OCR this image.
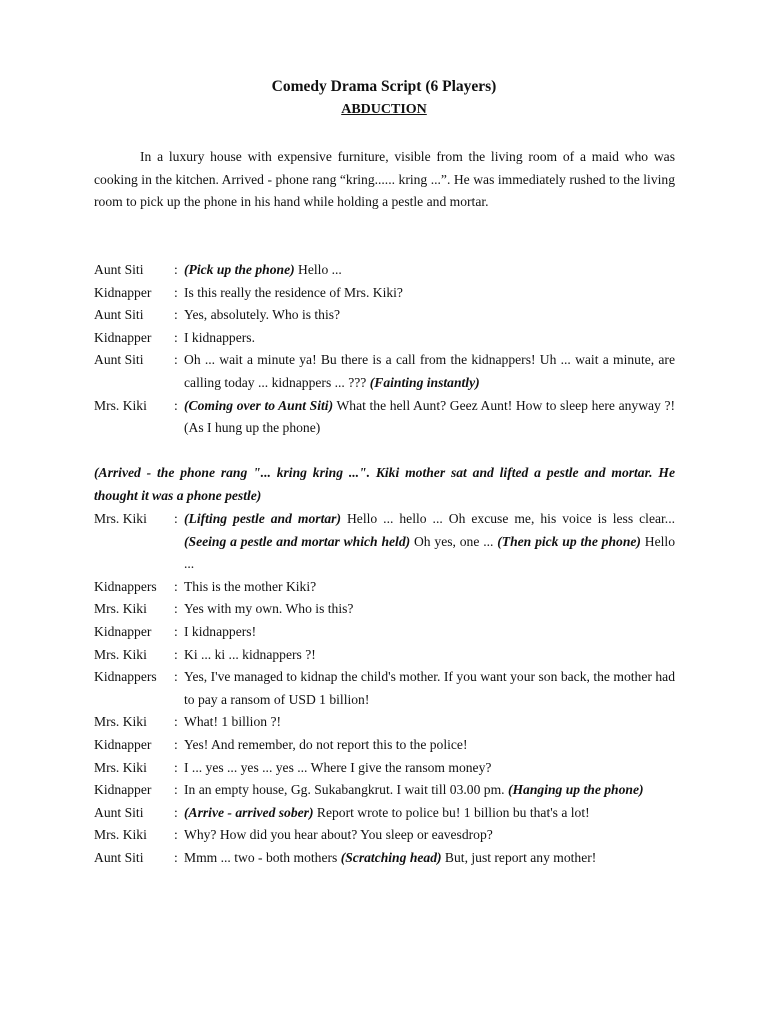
Comedy Drama Script (6 Players)
ABDUCTION

In a luxury house with expensive furniture, visible from the living room of a maid who was cooking in the kitchen. Arrived - phone rang “kring...... kring ...”. He was immediately rushed to the living room to pick up the phone in his hand while holding a pestle and mortar.

Aunt Siti	: (Pick up the phone) Hello ...
Kidnapper	: Is this really the residence of Mrs. Kiki?
Aunt Siti	: Yes, absolutely. Who is this?
Kidnapper	: I kidnappers.
Aunt Siti	: Oh ... wait a minute ya! Bu there is a call from the kidnappers! Uh ... wait a minute, are calling today ... kidnappers ... ??? (Fainting instantly)
Mrs. Kiki	: (Coming over to Aunt Siti) What the hell Aunt? Geez Aunt! How to sleep here anyway ?! (As I hung up the phone)

(Arrived - the phone rang "... kring kring ...". Kiki mother sat and lifted a pestle and mortar. He thought it was a phone pestle)

Mrs. Kiki	: (Lifting pestle and mortar) Hello ... hello ... Oh excuse me, his voice is less clear... (Seeing a pestle and mortar which held) Oh yes, one ... (Then pick up the phone) Hello ...
Kidnappers	: This is the mother Kiki?
Mrs. Kiki	: Yes with my own. Who is this?
Kidnapper	: I kidnappers!
Mrs. Kiki	: Ki ... ki ... kidnappers ?!
Kidnappers	: Yes, I've managed to kidnap the child's mother. If you want your son back, the mother had to pay a ransom of USD 1 billion!
Mrs. Kiki	: What! 1 billion ?!
Kidnapper	: Yes! And remember, do not report this to the police!
Mrs. Kiki	: I ... yes ... yes ... yes ... Where I give the ransom money?
Kidnapper	: In an empty house, Gg. Sukabangkrut. I wait till 03.00 pm. (Hanging up the phone)
Aunt Siti	: (Arrive - arrived sober) Report wrote to police bu! 1 billion bu that's a lot!
Mrs. Kiki	: Why? How did you hear about? You sleep or eavesdrop?
Aunt Siti	: Mmm ... two - both mothers (Scratching head) But, just report any mother!
